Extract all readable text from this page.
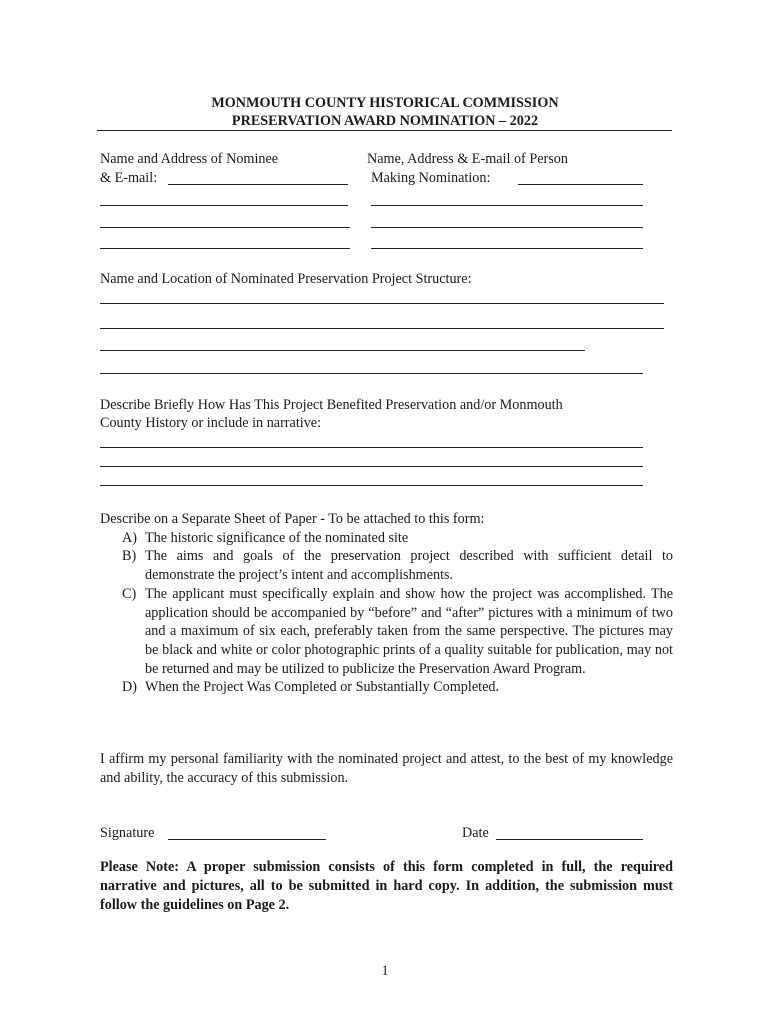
MONMOUTH COUNTY HISTORICAL COMMISSION
PRESERVATION AWARD NOMINATION – 2022
Name and Address of Nominee
& E-mail:
Name, Address & E-mail of Person
Making Nomination:
Name and Location of Nominated Preservation Project Structure:
Describe Briefly How Has This Project Benefited Preservation and/or Monmouth
County History or include in narrative:
Describe on a Separate Sheet of Paper - To be attached to this form:
A) The historic significance of the nominated site
B) The aims and goals of the preservation project described with sufficient detail to demonstrate the project’s intent and accomplishments.
C) The applicant must specifically explain and show how the project was accomplished. The application should be accompanied by “before” and “after” pictures with a minimum of two and a maximum of six each, preferably taken from the same perspective. The pictures may be black and white or color photographic prints of a quality suitable for publication, may not be returned and may be utilized to publicize the Preservation Award Program.
D) When the Project Was Completed or Substantially Completed.
I affirm my personal familiarity with the nominated project and attest, to the best of my knowledge and ability, the accuracy of this submission.
Signature	Date
Please Note: A proper submission consists of this form completed in full, the required narrative and pictures, all to be submitted in hard copy. In addition, the submission must follow the guidelines on Page 2.
1
